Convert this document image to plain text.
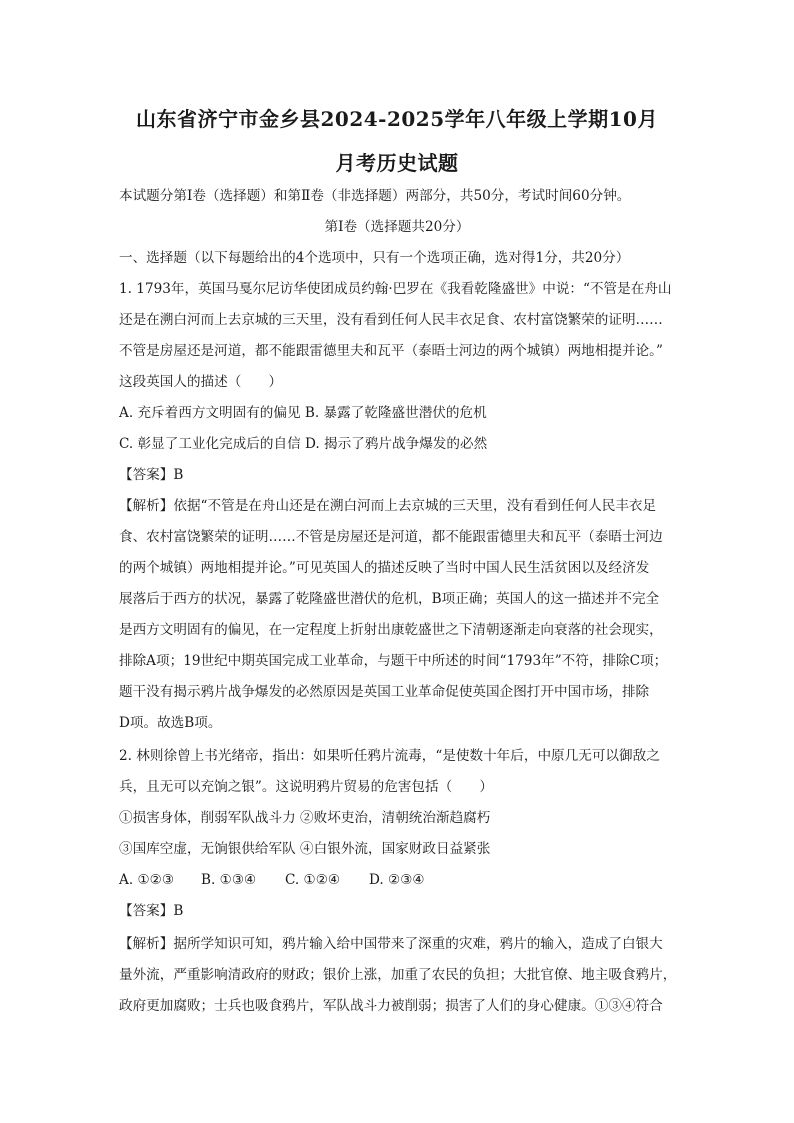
山东省济宁市金乡县2024-2025学年八年级上学期10月
月考历史试题
本试题分第Ⅰ卷（选择题）和第Ⅱ卷（非选择题）两部分，共50分，考试时间60分钟。
第Ⅰ卷（选择题共20分）
一、选择题（以下每题给出的4个选项中，只有一个选项正确，选对得1分，共20分）
1. 1793年，英国马戛尔尼访华使团成员约翰·巴罗在《我看乾隆盛世》中说：“不管是在舟山
还是在溯白河而上去京城的三天里，没有看到任何人民丰衣足食、农村富饶繁荣的证明……
不管是房屋还是河道，都不能跟雷德里夫和瓦平（泰晤士河边的两个城镇）两地相提并论。”
这段英国人的描述（　　）
A. 充斥着西方文明固有的偏见 B. 暴露了乾隆盛世潜伏的危机
C. 彰显了工业化完成后的自信 D. 揭示了鸦片战争爆发的必然
【答案】B
【解析】依据“不管是在舟山还是在溯白河而上去京城的三天里，没有看到任何人民丰衣足
食、农村富饶繁荣的证明……不管是房屋还是河道，都不能跟雷德里夫和瓦平（泰晤士河边
的两个城镇）两地相提并论。”可见英国人的描述反映了当时中国人民生活贫困以及经济发
展落后于西方的状况，暴露了乾隆盛世潜伏的危机，B项正确；英国人的这一描述并不完全
是西方文明固有的偏见，在一定程度上折射出康乾盛世之下清朝逐渐走向衰落的社会现实，
排除A项；19世纪中期英国完成工业革命，与题干中所述的时间“1793年”不符，排除C项；
题干没有揭示鸦片战争爆发的必然原因是英国工业革命促使英国企图打开中国市场，排除
D项。故选B项。
2. 林则徐曾上书光绪帝，指出：如果听任鸦片流毒，“是使数十年后，中原几无可以御敌之
兵，且无可以充饷之银”。这说明鸦片贸易的危害包括（　　）
①损害身体，削弱军队战斗力 ②败坏吏治，清朝统治渐趋腐朽
③国库空虚，无饷银供给军队 ④白银外流，国家财政日益紧张
A. ①②③ B. ①③④ C. ①②④ D. ②③④
【答案】B
【解析】据所学知识可知，鸦片输入给中国带来了深重的灾难，鸦片的输入，造成了白银大
量外流，严重影响清政府的财政；银价上涨，加重了农民的负担；大批官僚、地主吸食鸦片，
政府更加腐败；士兵也吸食鸦片，军队战斗力被削弱；损害了人们的身心健康。①③④符合
